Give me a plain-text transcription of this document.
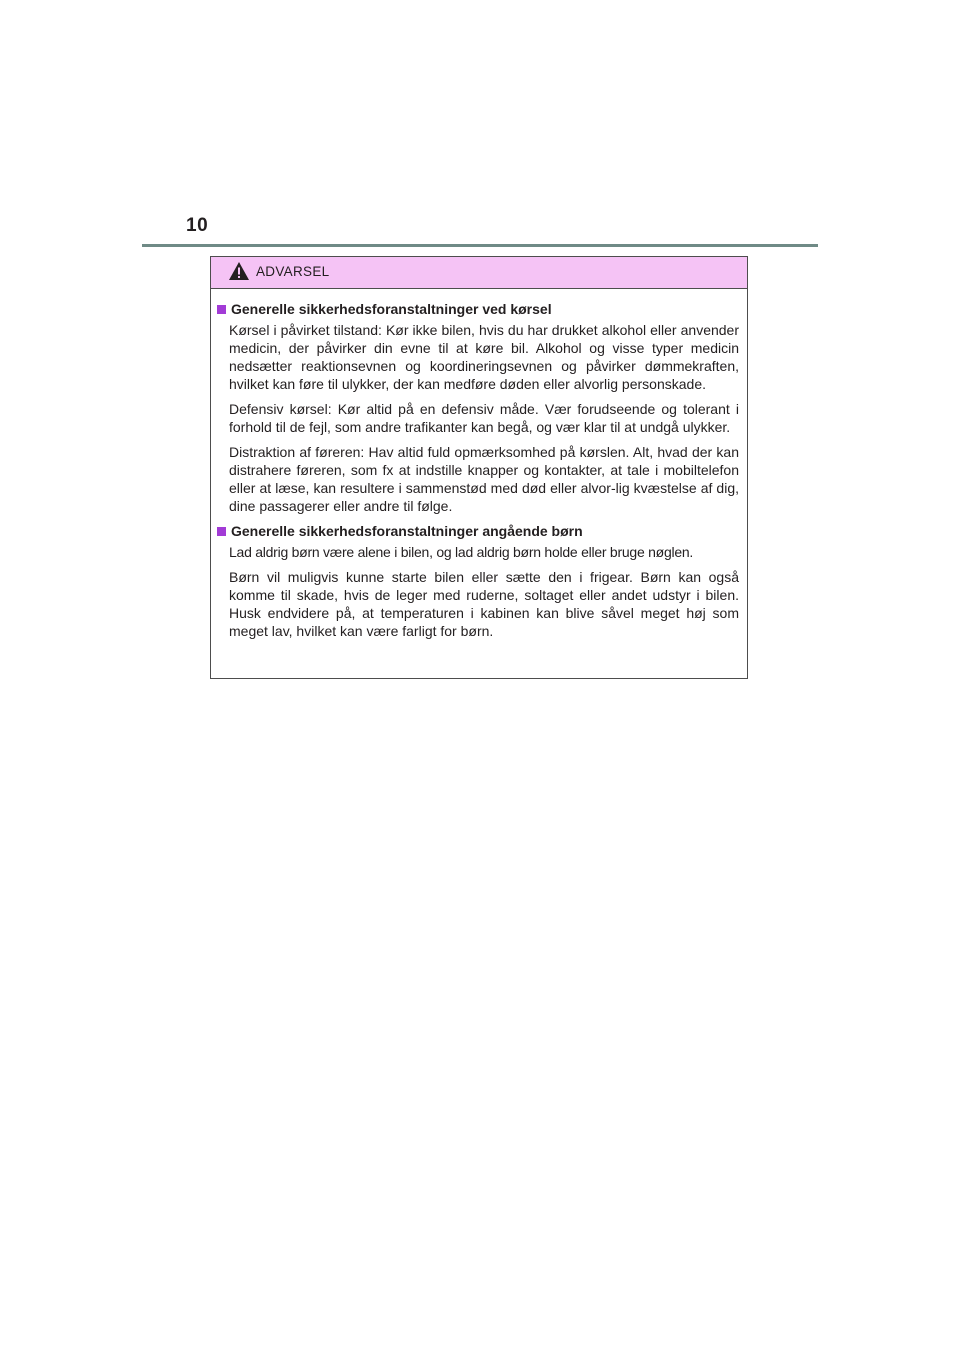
10
ADVARSEL
Generelle sikkerhedsforanstaltninger ved kørsel

Kørsel i påvirket tilstand: Kør ikke bilen, hvis du har drukket alkohol eller anvender medicin, der påvirker din evne til at køre bil. Alkohol og visse typer medicin nedsætter reaktionsevnen og koordineringsevnen og påvirker dømmekraften, hvilket kan føre til ulykker, der kan medføre døden eller alvorlig personskade.

Defensiv kørsel: Kør altid på en defensiv måde. Vær forudseende og tolerant i forhold til de fejl, som andre trafikanter kan begå, og vær klar til at undgå ulykker.

Distraktion af føreren: Hav altid fuld opmærksomhed på kørslen. Alt, hvad der kan distrahere føreren, som fx at indstille knapper og kontakter, at tale i mobiltelefon eller at læse, kan resultere i sammenstød med død eller alvor-lig kvæstelse af dig, dine passagerer eller andre til følge.

Generelle sikkerhedsforanstaltninger angående børn

Lad aldrig børn være alene i bilen, og lad aldrig børn holde eller bruge nøglen.

Børn vil muligvis kunne starte bilen eller sætte den i frigear. Børn kan også komme til skade, hvis de leger med ruderne, soltaget eller andet udstyr i bilen. Husk endvidere på, at temperaturen i kabinen kan blive såvel meget høj som meget lav, hvilket kan være farligt for børn.
